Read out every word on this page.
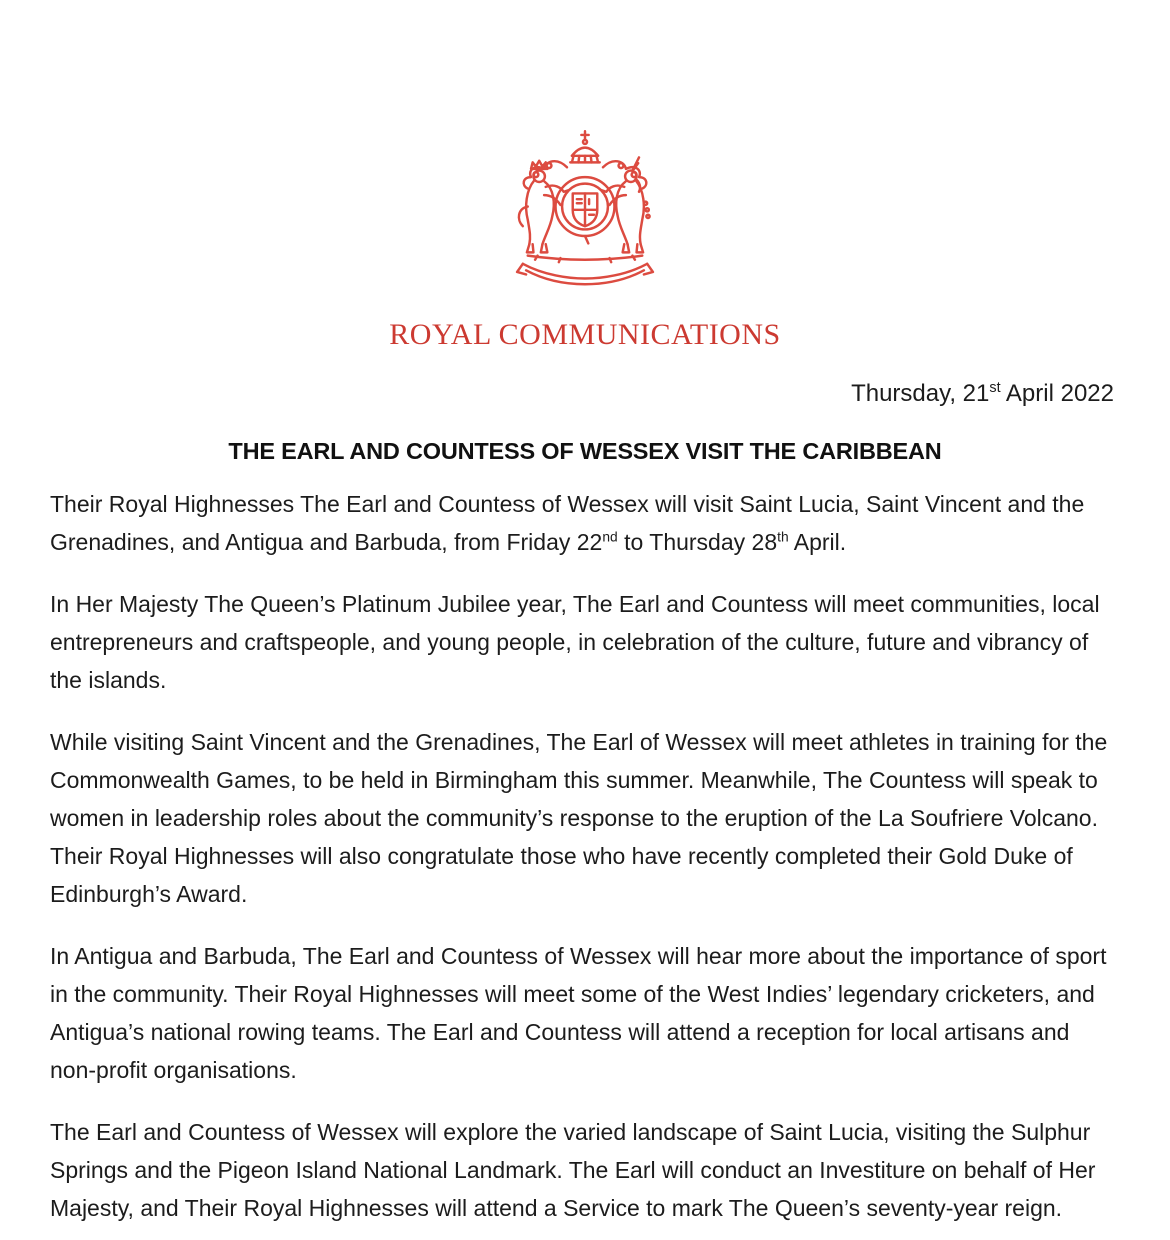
ROYAL COMMUNICATIONS
Thursday, 21st April 2022
THE EARL AND COUNTESS OF WESSEX VISIT THE CARIBBEAN

Their Royal Highnesses The Earl and Countess of Wessex will visit Saint Lucia, Saint Vincent and the Grenadines, and Antigua and Barbuda, from Friday 22nd to Thursday 28th April.

In Her Majesty The Queen’s Platinum Jubilee year, The Earl and Countess will meet communities, local entrepreneurs and craftspeople, and young people, in celebration of the culture, future and vibrancy of the islands.

While visiting Saint Vincent and the Grenadines, The Earl of Wessex will meet athletes in training for the Commonwealth Games, to be held in Birmingham this summer. Meanwhile, The Countess will speak to women in leadership roles about the community’s response to the eruption of the La Soufriere Volcano. Their Royal Highnesses will also congratulate those who have recently completed their Gold Duke of Edinburgh’s Award.

In Antigua and Barbuda, The Earl and Countess of Wessex will hear more about the importance of sport in the community. Their Royal Highnesses will meet some of the West Indies’ legendary cricketers, and Antigua’s national rowing teams. The Earl and Countess will attend a reception for local artisans and non-profit organisations.

The Earl and Countess of Wessex will explore the varied landscape of Saint Lucia, visiting the Sulphur Springs and the Pigeon Island National Landmark. The Earl will conduct an Investiture on behalf of Her Majesty, and Their Royal Highnesses will attend a Service to mark The Queen’s seventy-year reign.
